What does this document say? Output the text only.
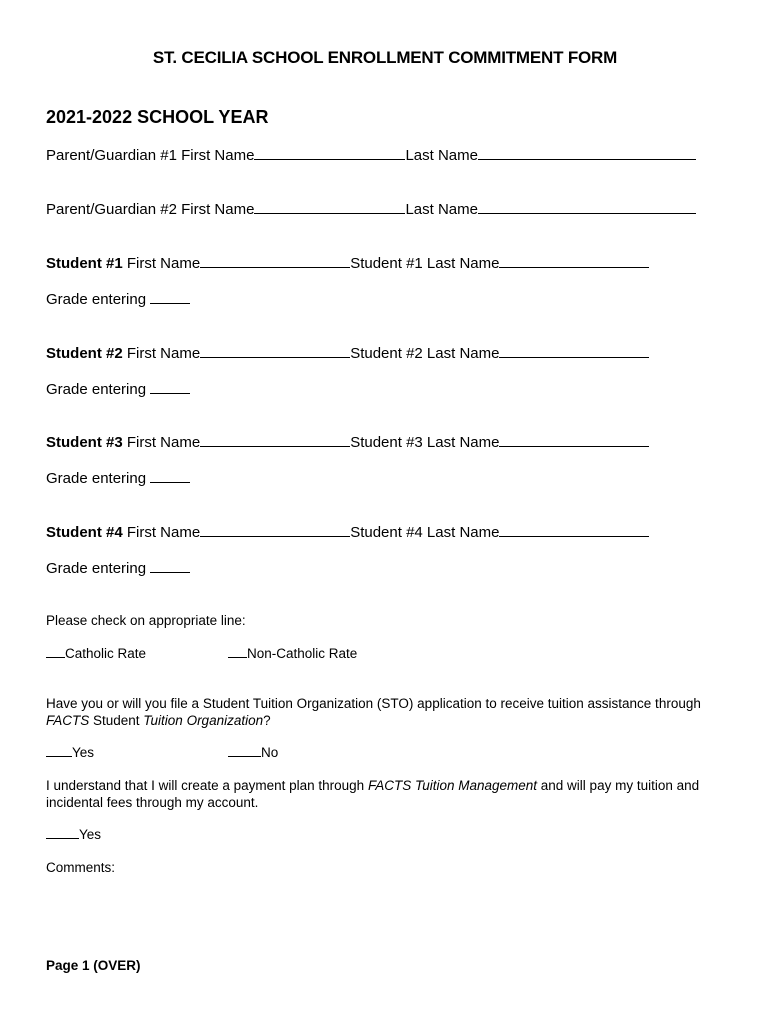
ST. CECILIA SCHOOL ENROLLMENT COMMITMENT FORM
2021-2022 SCHOOL YEAR
Parent/Guardian #1 First Name	Last Name
Parent/Guardian #2 First Name	Last Name
Student #1 First Name	Student #1 Last Name
Grade entering
Student #2 First Name	Student #2 Last Name
Grade entering
Student #3 First Name	Student #3 Last Name
Grade entering
Student #4 First Name	Student #4 Last Name
Grade entering
Please check on appropriate line:
Catholic Rate	Non-Catholic Rate
Have you or will you file a Student Tuition Organization (STO) application to receive tuition assistance through FACTS Student Tuition Organization?
Yes	No
I understand that I will create a payment plan through FACTS Tuition Management and will pay my tuition and incidental fees through my account.
Yes
Comments:
Page 1 (OVER)
